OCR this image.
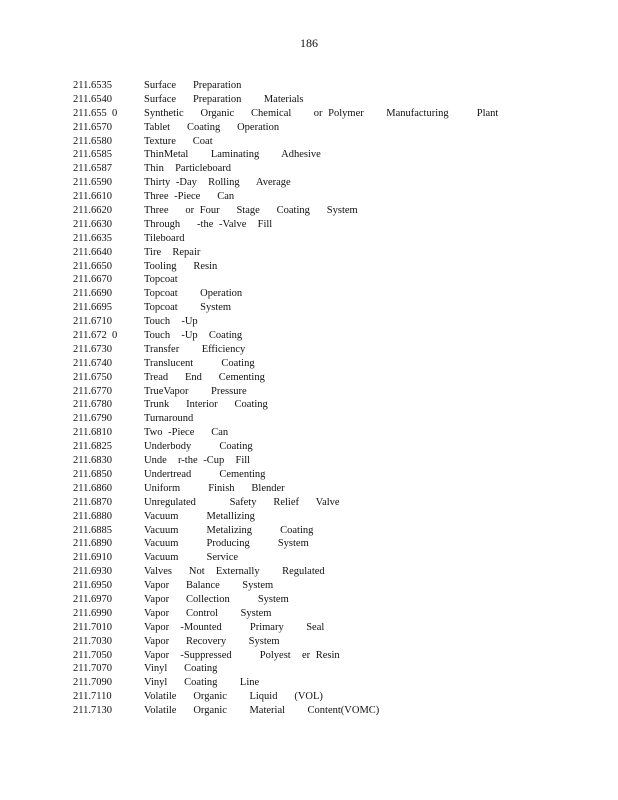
186
211.6535	Surface   Preparation
211.6540	Surface   Preparation    Materials
211.655  0	Synthetic   Organic   Chemical    or Polymer    Manufacturing     Plant
211.6570	Tablet   Coating   Operation
211.6580	Texture   Coat
211.6585	ThinMetal    Laminating    Adhesive
211.6587	Thin  Particleboard
211.6590	Thirty -Day  Rolling   Average
211.6610	Three -Piece   Can
211.6620	Three   or Four   Stage   Coating   System
211.6630	Through   -the -Valve  Fill
211.6635	Tileboard
211.6640	Tire  Repair
211.6650	Tooling   Resin
211.6670	Topcoat
211.6690	Topcoat    Operation
211.6695	Topcoat    System
211.6710	Touch  -Up
211.672  0	Touch  -Up  Coating
211.6730	Transfer    Efficiency
211.6740	Translucent     Coating
211.6750	Tread   End   Cementing
211.6770	TrueVapor    Pressure
211.6780	Trunk   Interior   Coating
211.6790	Turnaround
211.6810	Two -Piece   Can
211.6825	Underbody     Coating
211.6830	Unde  r-the -Cup  Fill
211.6850	Undertread     Cementing
211.6860	Uniform     Finish   Blender
211.6870	Unregulated      Safety   Relief   Valve
211.6880	Vacuum     Metallizing
211.6885	Vacuum     Metalizing     Coating
211.6890	Vacuum     Producing     System
211.6910	Vacuum     Service
211.6930	Valves   Not  Externally    Regulated
211.6950	Vapor   Balance    System
211.6970	Vapor   Collection     System
211.6990	Vapor   Control    System
211.7010	Vapor  -Mounted     Primary    Seal
211.7030	Vapor   Recovery    System
211.7050	Vapor  -Suppressed     Polyest  er Resin
211.7070	Vinyl   Coating
211.7090	Vinyl   Coating    Line
211.7110	Volatile   Organic    Liquid   (VOL)
211.7130	Volatile   Organic    Material    Content(VOMC)
